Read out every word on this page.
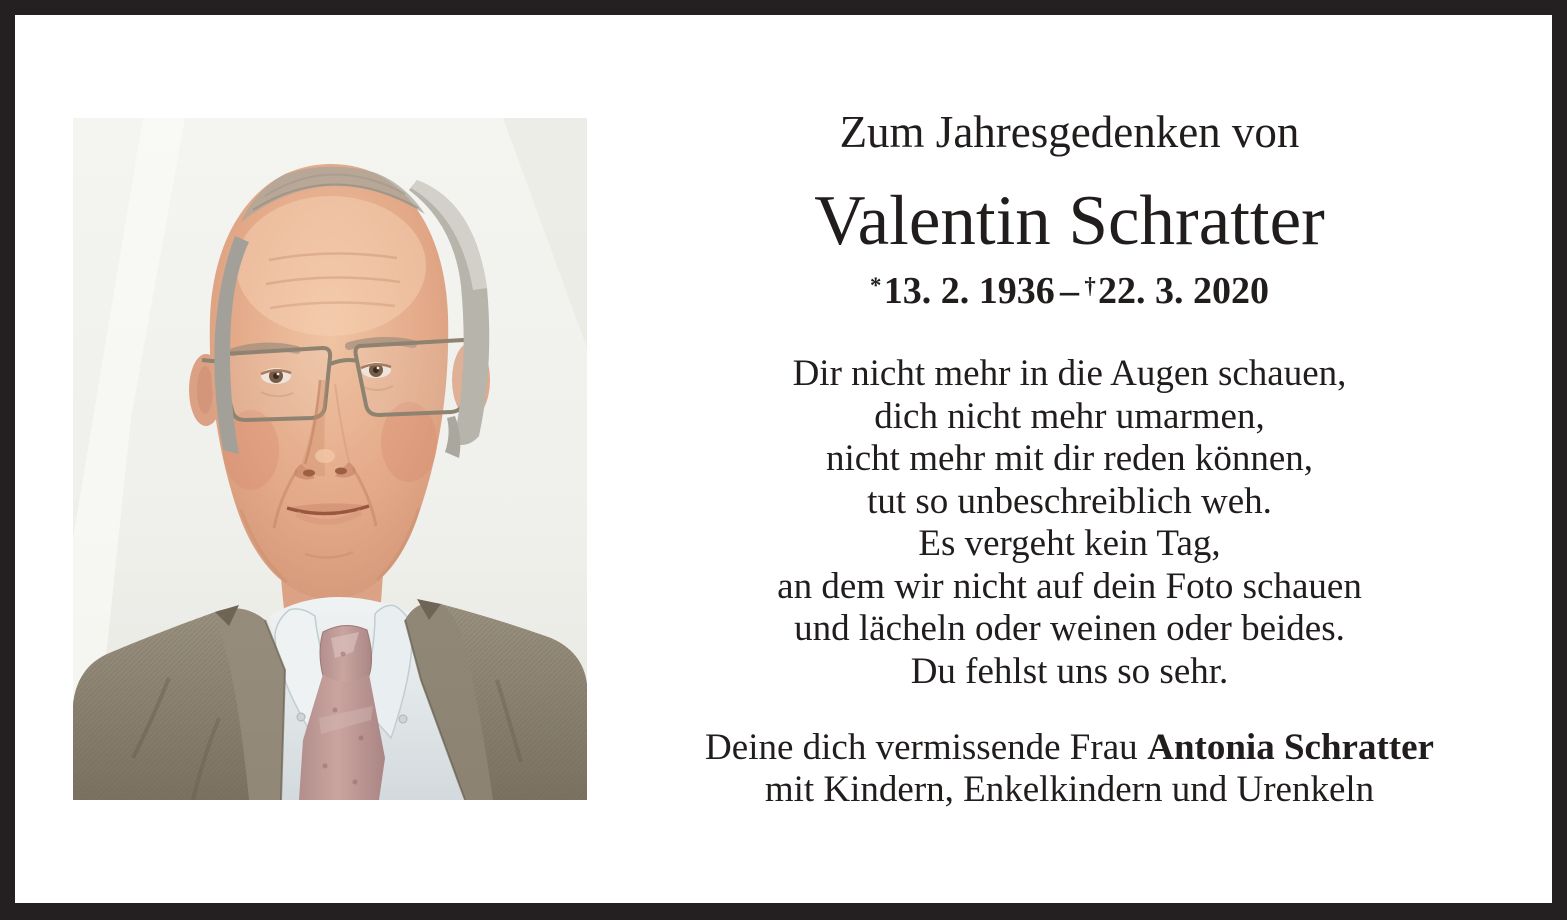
Zum Jahresgedenken von
Valentin Schratter
*13. 2. 1936 – †22. 3. 2020
Dir nicht mehr in die Augen schauen,
dich nicht mehr umarmen,
nicht mehr mit dir reden können,
tut so unbeschreiblich weh.
Es vergeht kein Tag,
an dem wir nicht auf dein Foto schauen
und lächeln oder weinen oder beides.
Du fehlst uns so sehr.
Deine dich vermissende Frau Antonia Schratter
mit Kindern, Enkelkindern und Urenkeln
